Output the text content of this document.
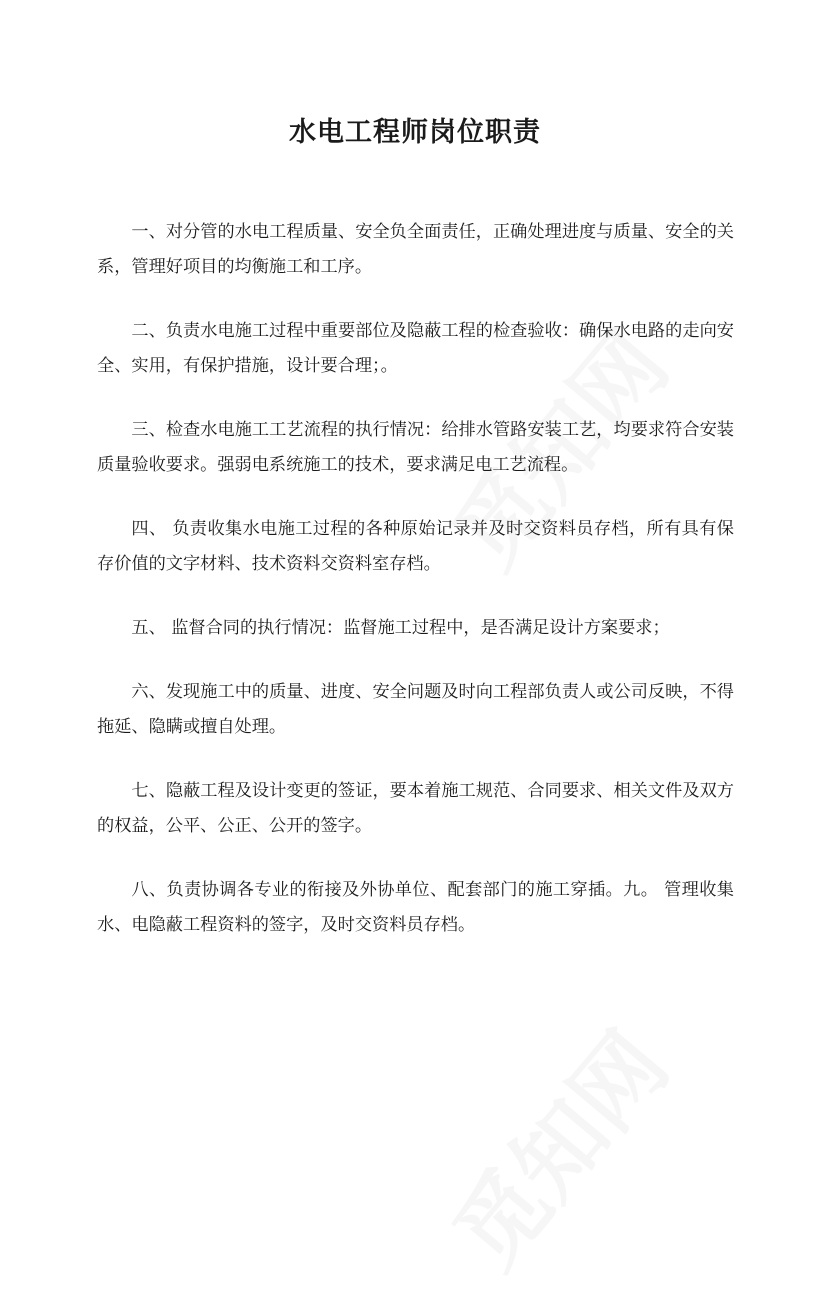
水电工程师岗位职责

一、对分管的水电工程质量、安全负全面责任，正确处理进度与质量、安全的关系，管理好项目的均衡施工和工序。

二、负责水电施工过程中重要部位及隐蔽工程的检查验收：确保水电路的走向安全、实用，有保护措施，设计要合理；。

三、检查水电施工工艺流程的执行情况：给排水管路安装工艺，均要求符合安装质量验收要求。强弱电系统施工的技术，要求满足电工艺流程。

四、 负责收集水电施工过程的各种原始记录并及时交资料员存档，所有具有保存价值的文字材料、技术资料交资料室存档。

五、 监督合同的执行情况：监督施工过程中，是否满足设计方案要求；

六、发现施工中的质量、进度、安全问题及时向工程部负责人或公司反映，不得拖延、隐瞒或擅自处理。

七、隐蔽工程及设计变更的签证，要本着施工规范、合同要求、相关文件及双方的权益，公平、公正、公开的签字。

八、负责协调各专业的衔接及外协单位、配套部门的施工穿插。九。 管理收集水、电隐蔽工程资料的签字，及时交资料员存档。
